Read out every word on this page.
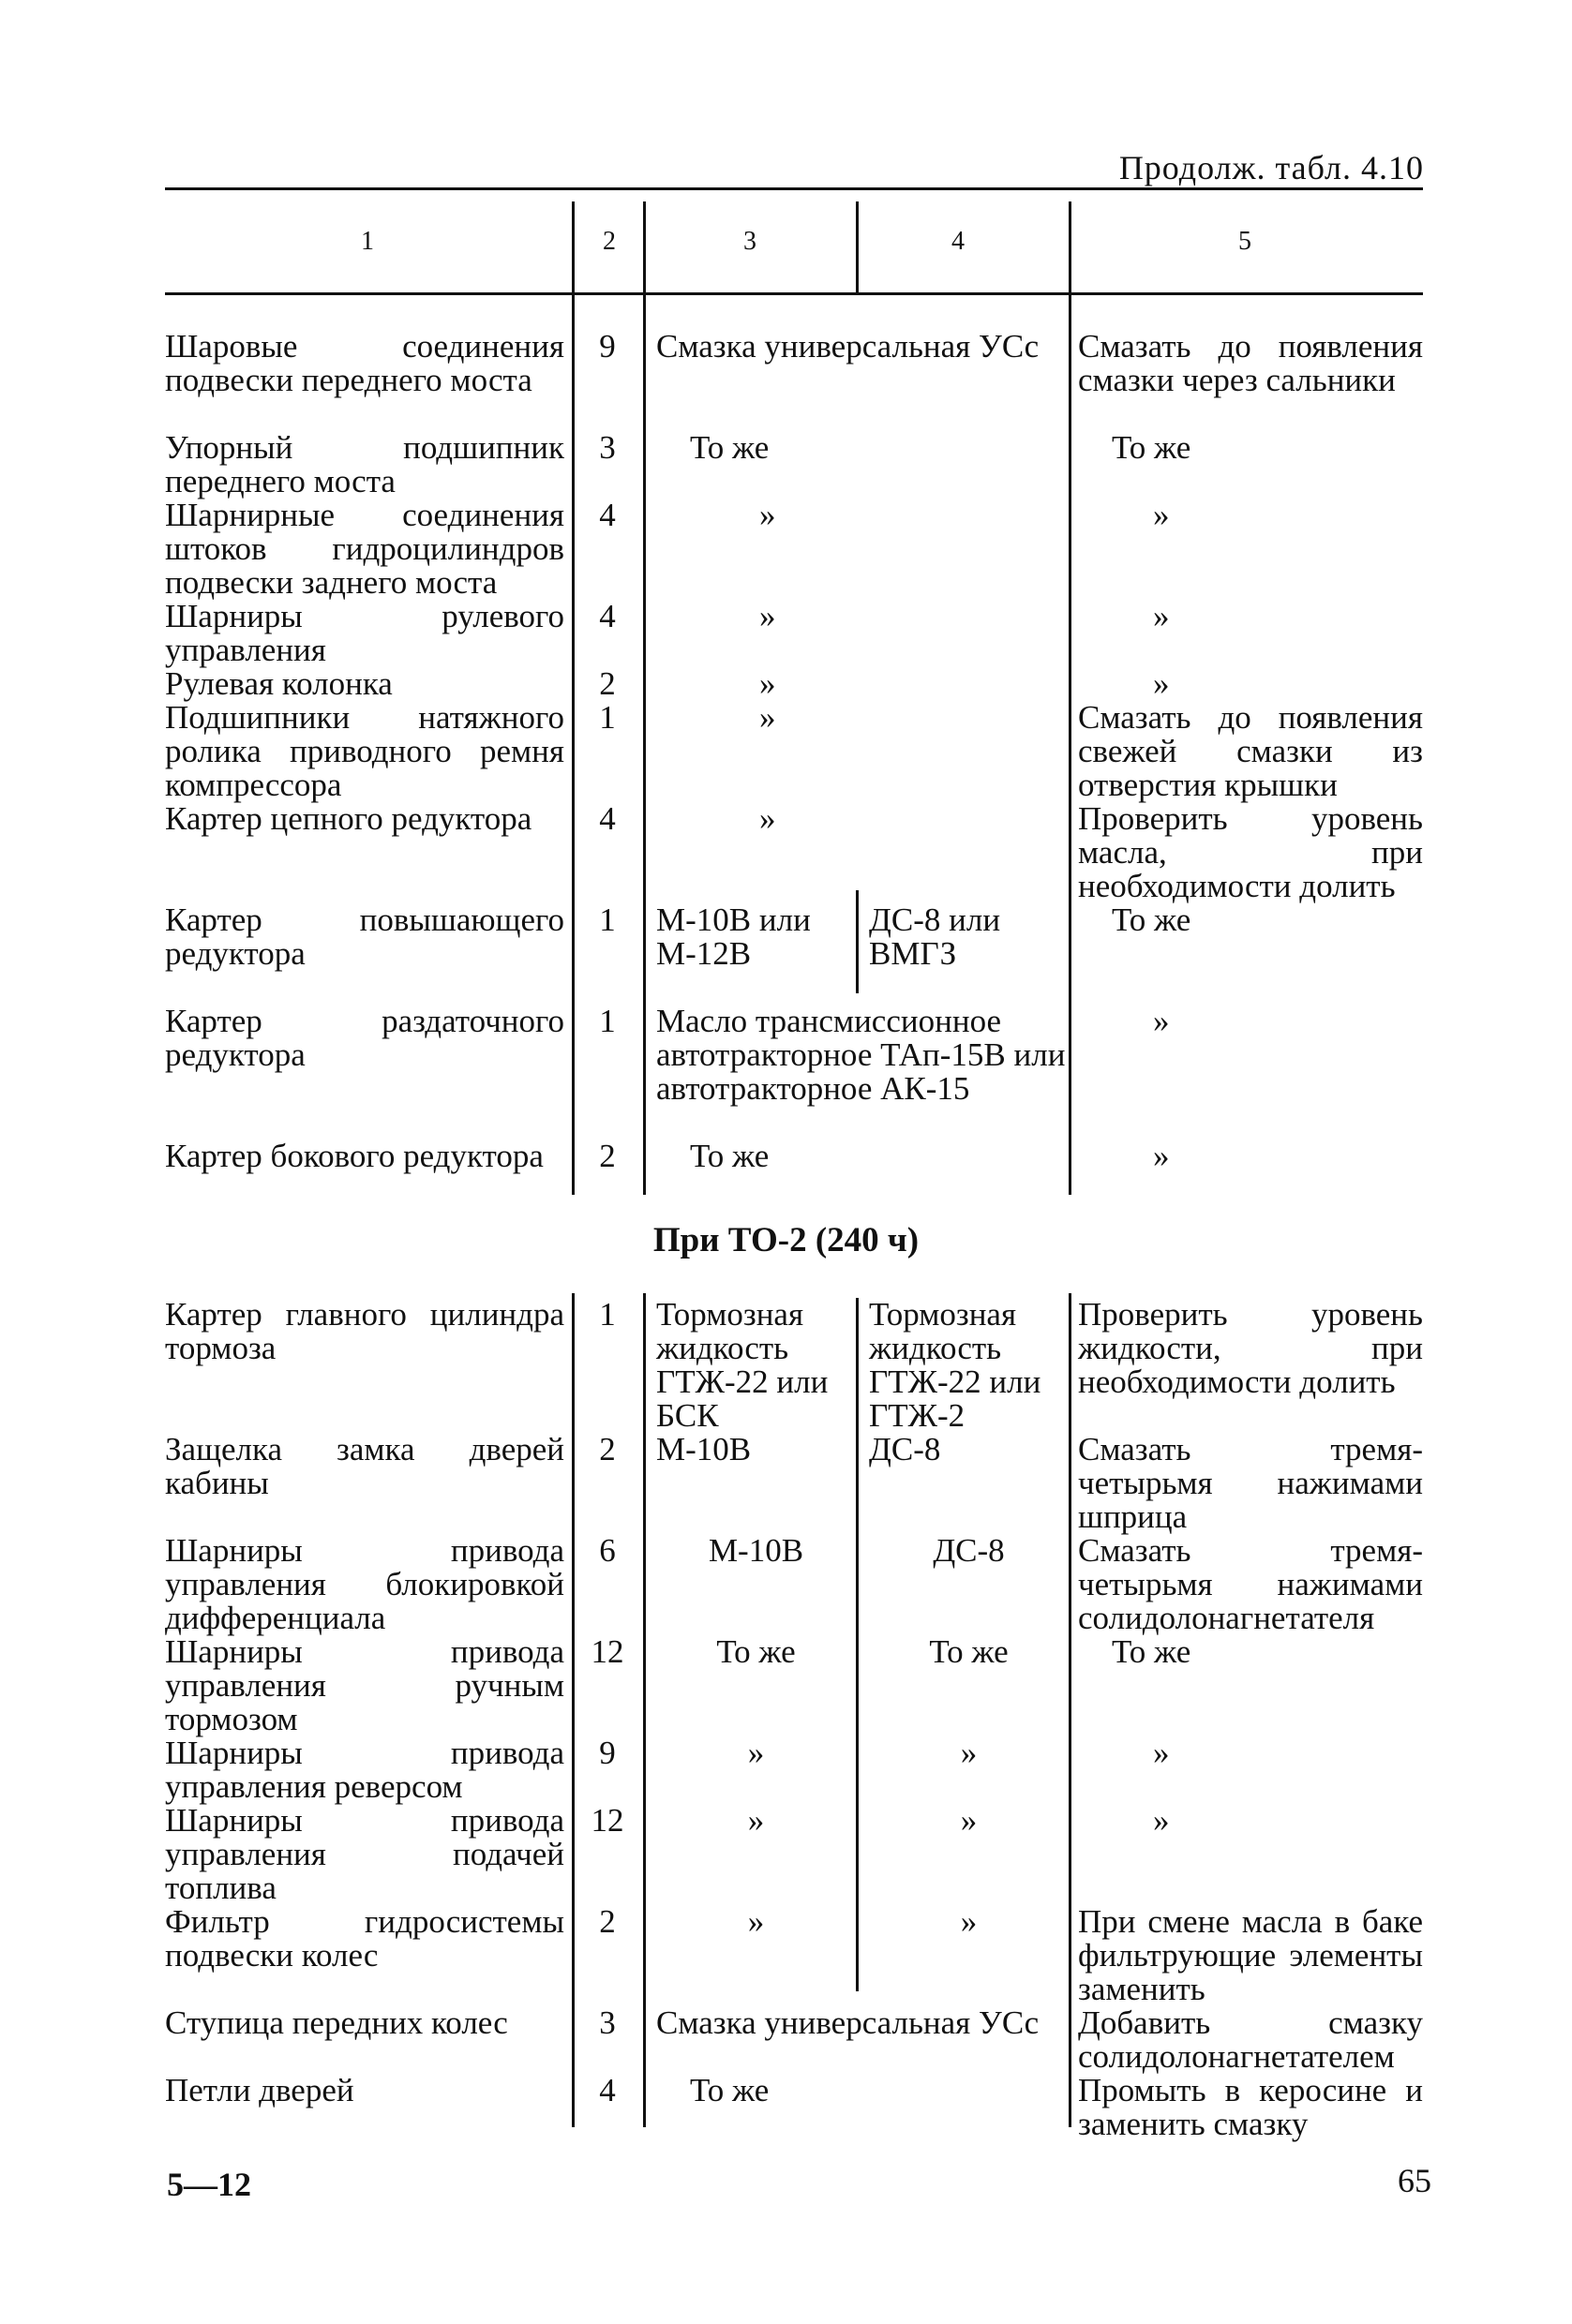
Продолж. табл. 4.10
1	2	3	4	5
Шаровые соединения подвески переднего моста	9	Смазка универсальная УСс		Смазать до появления смазки через сальники

Упорный подшипник переднего моста	3	То же		То же

Шарнирные соединения штоков гидроцилиндров подвески заднего моста	4	»		»

Шарниры рулевого управления	4	»		»

Рулевая колонка	2	»		»

Подшипники натяжного ролика приводного ремня компрессора	1	»		Смазать до появления свежей смазки из отверстия крышки

Картер цепного редуктора	4	»		Проверить уровень масла, при необходимости долить

Картер повышающего редуктора	1	М-10В или М-12В	ДС-8 или ВМГЗ	То же

Картер раздаточного редуктора	1	Масло трансмиссионное автотракторное ТАп-15В или автотракторное АК-15		»

Картер бокового редуктора	2	То же		»
При ТО-2 (240 ч)
Картер главного цилиндра тормоза	1	Тормозная жидкость ГТЖ-22 или БСК	Тормозная жидкость ГТЖ-22 или ГТЖ-2	Проверить уровень жидкости, при необходимости долить

Защелка замка дверей кабины	2	М-10В	ДС-8	Смазать тремя-четырьмя нажимами шприца

Шарниры привода управления блокировкой дифференциала	6	М-10В	ДС-8	Смазать тремя-четырьмя нажимами солидолонагнетателя

Шарниры привода управления ручным тормозом	12	То же	То же	То же

Шарниры привода управления реверсом	9	»	»	»

Шарниры привода управления подачей топлива	12	»	»	»

Фильтр гидросистемы подвески колес	2	»	»	При смене масла в баке фильтрующие элементы заменить

Ступица передних колес	3	Смазка универсальная УСс		Добавить смазку солидолонагнетателем

Петли дверей	4	То же		Промыть в керосине и заменить смазку
5—12	65
